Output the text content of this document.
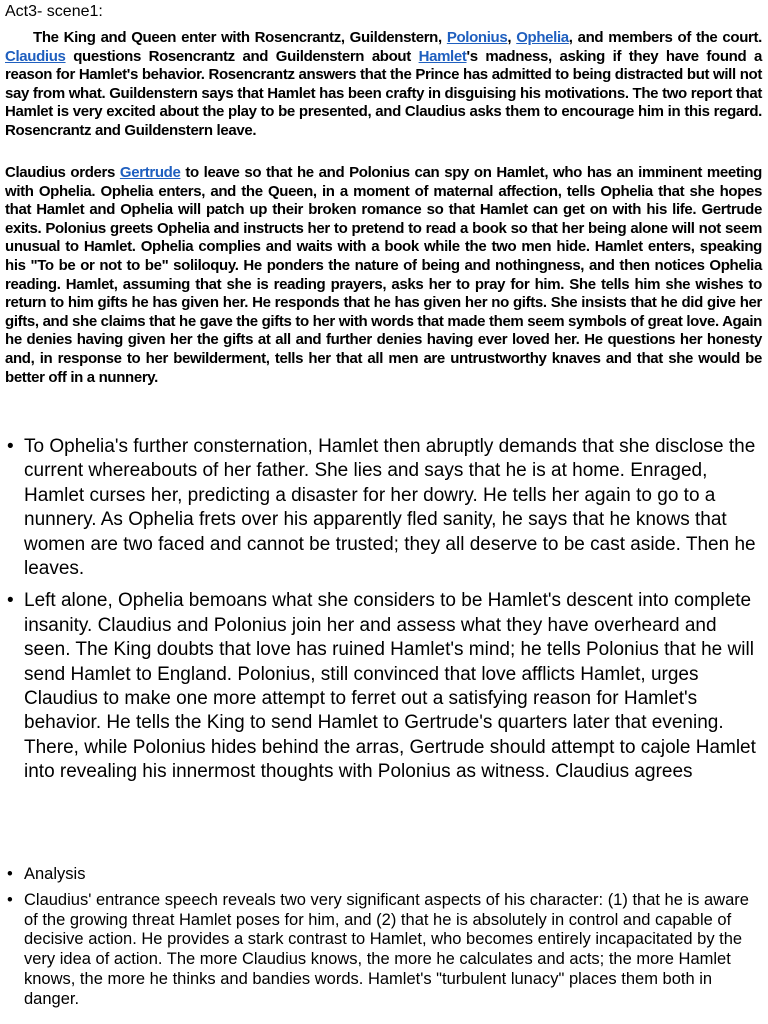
Act3- scene1:

The King and Queen enter with Rosencrantz, Guildenstern, Polonius, Ophelia, and members of the court. Claudius questions Rosencrantz and Guildenstern about Hamlet's madness, asking if they have found a reason for Hamlet's behavior. Rosencrantz answers that the Prince has admitted to being distracted but will not say from what. Guildenstern says that Hamlet has been crafty in disguising his motivations. The two report that Hamlet is very excited about the play to be presented, and Claudius asks them to encourage him in this regard. Rosencrantz and Guildenstern leave.

Claudius orders Gertrude to leave so that he and Polonius can spy on Hamlet, who has an imminent meeting with Ophelia. Ophelia enters, and the Queen, in a moment of maternal affection, tells Ophelia that she hopes that Hamlet and Ophelia will patch up their broken romance so that Hamlet can get on with his life. Gertrude exits. Polonius greets Ophelia and instructs her to pretend to read a book so that her being alone will not seem unusual to Hamlet. Ophelia complies and waits with a book while the two men hide. Hamlet enters, speaking his "To be or not to be" soliloquy. He ponders the nature of being and nothingness, and then notices Ophelia reading. Hamlet, assuming that she is reading prayers, asks her to pray for him. She tells him she wishes to return to him gifts he has given her. He responds that he has given her no gifts. She insists that he did give her gifts, and she claims that he gave the gifts to her with words that made them seem symbols of great love. Again he denies having given her the gifts at all and further denies having ever loved her. He questions her honesty and, in response to her bewilderment, tells her that all men are untrustworthy knaves and that she would be better off in a nunnery.

• To Ophelia's further consternation, Hamlet then abruptly demands that she disclose the current whereabouts of her father. She lies and says that he is at home. Enraged, Hamlet curses her, predicting a disaster for her dowry. He tells her again to go to a nunnery. As Ophelia frets over his apparently fled sanity, he says that he knows that women are two faced and cannot be trusted; they all deserve to be cast aside. Then he leaves.
• Left alone, Ophelia bemoans what she considers to be Hamlet's descent into complete insanity. Claudius and Polonius join her and assess what they have overheard and seen. The King doubts that love has ruined Hamlet's mind; he tells Polonius that he will send Hamlet to England. Polonius, still convinced that love afflicts Hamlet, urges Claudius to make one more attempt to ferret out a satisfying reason for Hamlet's behavior. He tells the King to send Hamlet to Gertrude's quarters later that evening. There, while Polonius hides behind the arras, Gertrude should attempt to cajole Hamlet into revealing his innermost thoughts with Polonius as witness. Claudius agrees
• Analysis
• Claudius' entrance speech reveals two very significant aspects of his character: (1) that he is aware of the growing threat Hamlet poses for him, and (2) that he is absolutely in control and capable of decisive action. He provides a stark contrast to Hamlet, who becomes entirely incapacitated by the very idea of action. The more Claudius knows, the more he calculates and acts; the more Hamlet knows, the more he thinks and bandies words. Hamlet's "turbulent lunacy" places them both in danger.
